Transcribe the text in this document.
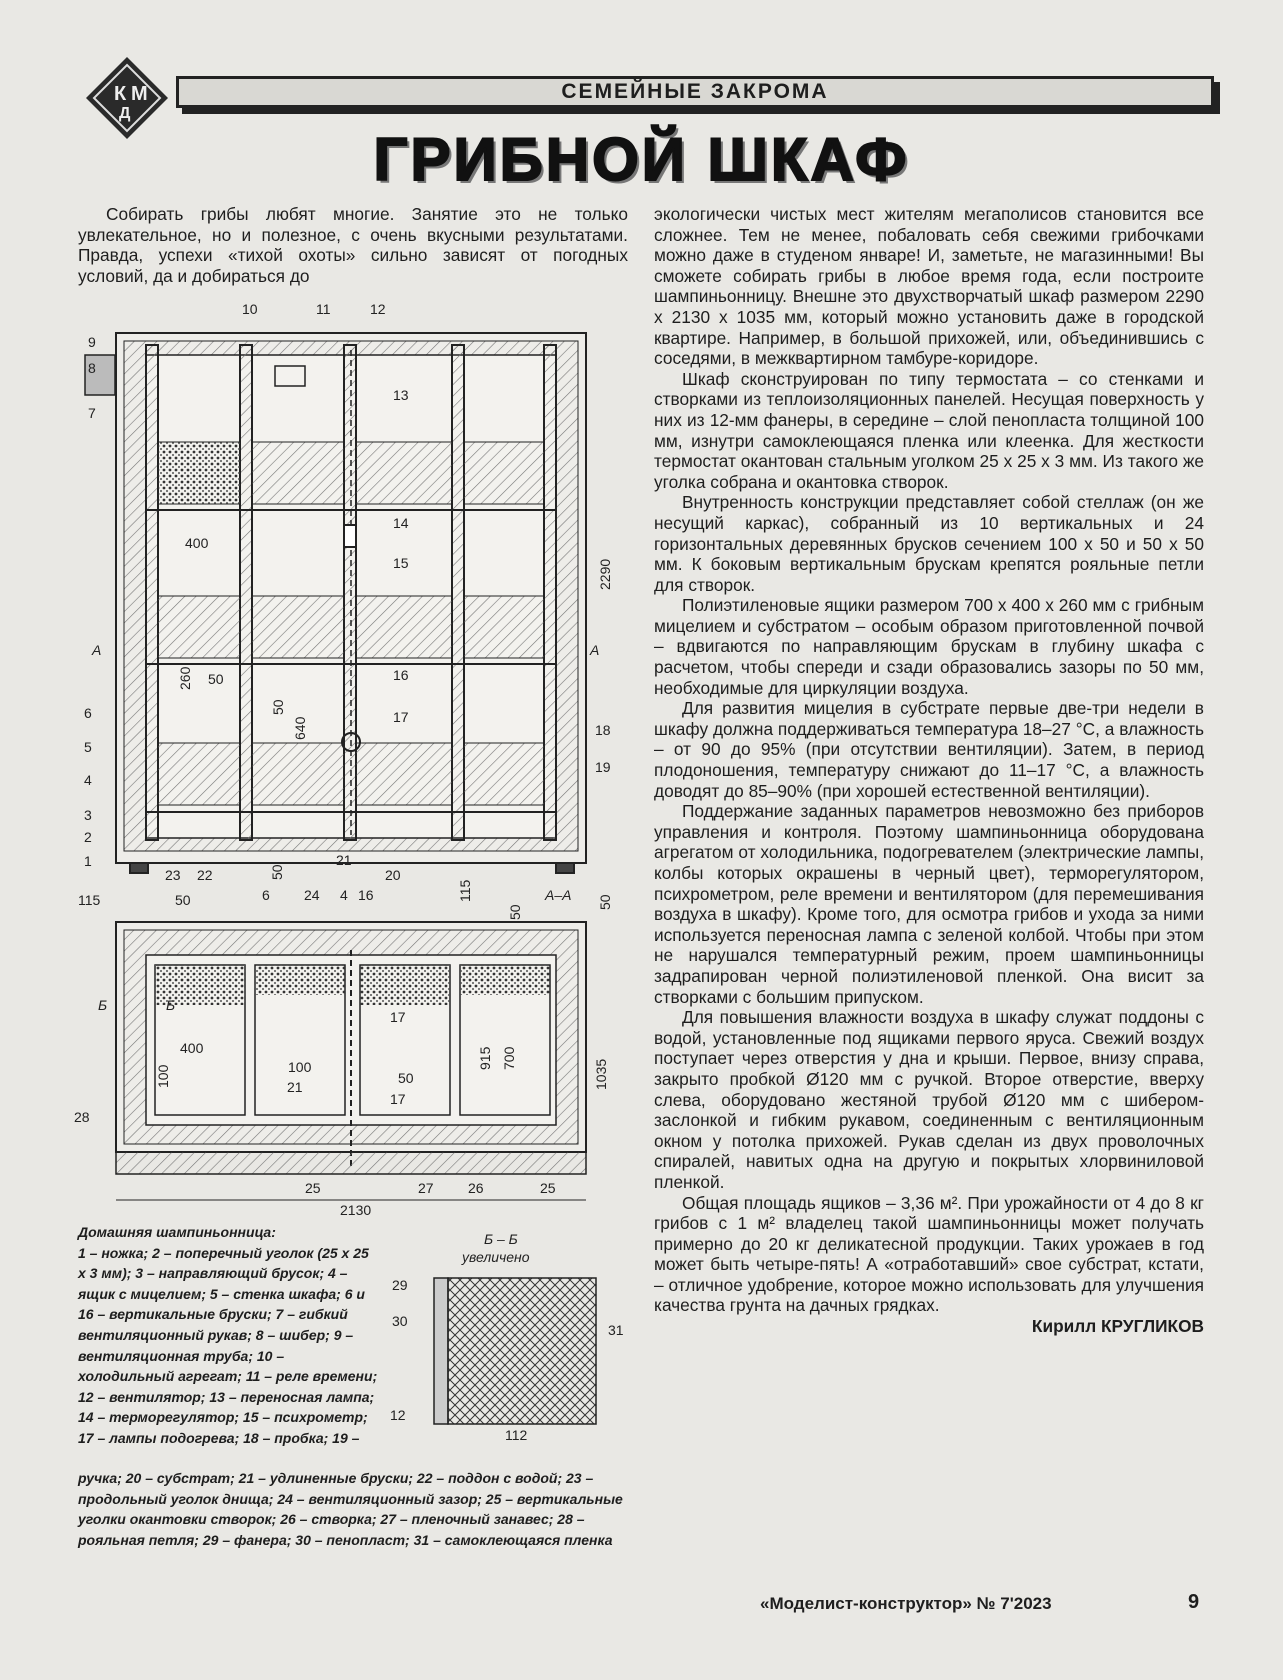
К
Д
М	СЕМЕЙНЫЕ ЗАКРОМА
ГРИБНОЙ ШКАФ

Собирать грибы любят многие. Занятие это не только увлекательное, но и полезное, с очень вкусными результатами. Правда, успехи «тихой охоты» сильно зависят от погодных условий, да и добираться до

экологически чистых мест жителям мегаполисов становится все сложнее. Тем не менее, побаловать себя свежими грибочками можно даже в студеном январе! И, заметьте, не магазинными! Вы сможете собирать грибы в любое время года, если построите шампиньонницу. Внешне это двухстворчатый шкаф размером 2290 x 2130 x 1035 мм, который можно установить даже в городской квартире. Например, в большой прихожей, или, объединившись с соседями, в межквартирном тамбуре-коридоре.

Шкаф сконструирован по типу термостата – со стенками и створками из теплоизоляционных панелей. Несущая поверхность у них из 12-мм фанеры, в середине – слой пенопласта толщиной 100 мм, изнутри самоклеющаяся пленка или клеенка. Для жесткости термостат окантован стальным уголком 25 x 25 x 3 мм. Из такого же уголка собрана и окантовка створок.

Внутренность конструкции представляет собой стеллаж (он же несущий каркас), собранный из 10 вертикальных и 24 горизонтальных деревянных брусков сечением 100 x 50 и 50 x 50 мм. К боковым вертикальным брускам крепятся рояльные петли для створок.

Полиэтиленовые ящики размером 700 x 400 x 260 мм с грибным мицелием и субстратом – особым образом приготовленной почвой – вдвигаются по направляющим брускам в глубину шкафа с расчетом, чтобы спереди и сзади образовались зазоры по 50 мм, необходимые для циркуляции воздуха.

Для развития мицелия в субстрате первые две-три недели в шкафу должна поддерживаться температура 18–27 °С, а влажность – от 90 до 95% (при отсутствии вентиляции). Затем, в период плодоношения, температуру снижают до 11–17 °С, а влажность доводят до 85–90% (при хорошей естественной вентиляции).

Поддержание заданных параметров невозможно без приборов управления и контроля. Поэтому шампиньонница оборудована агрегатом от холодильника, подогревателем (электрические лампы, колбы которых окрашены в черный цвет), терморегулятором, психрометром, реле времени и вентилятором (для перемешивания воздуха в шкафу). Кроме того, для осмотра грибов и ухода за ними используется переносная лампа с зеленой колбой. Чтобы при этом не нарушался температурный режим, проем шампиньонницы задрапирован черной полиэтиленовой пленкой. Она висит за створками с большим припуском.

Для повышения влажности воздуха в шкафу служат поддоны с водой, установленные под ящиками первого яруса. Свежий воздух поступает через отверстия у дна и крыши. Первое, внизу справа, закрыто пробкой Ø120 мм с ручкой. Второе отверстие, вверху слева, оборудовано жестяной трубой Ø120 мм с шибером-заслонкой и гибким рукавом, соединенным с вентиляционным окном у потолка прихожей. Рукав сделан из двух проволочных спиралей, навитых одна на другую и покрытых хлорвиниловой пленкой.

Общая площадь ящиков – 3,36 м². При урожайности от 4 до 8 кг грибов с 1 м² владелец такой шампиньонницы может получать примерно до 20 кг деликатесной продукции. Таких урожаев в год может быть четыре-пять! А «отработавший» свое субстрат, кстати, – отличное удобрение, которое можно использовать для улучшения качества грунта на дачных грядках.

Кирилл КРУГЛИКОВ

9
8
7
10	11	12
13
14
15
16
17
18
19
6
5
4
3
2
1
23 22
21
20
400
260 50
50
640
2290
50
50
А	А
6 24 4 16
17
17
21
28
25	27 26	25
115	50	115
50
400
100	100
50
915 700
1035
2130
А–А
Б	Б
Б – Б
увеличено
29
30
31
12
112
Домашняя шампиньонница:
1 – ножка; 2 – поперечный уголок (25 x 25 x 3 мм); 3 – направляющий брусок; 4 – ящик с мицелием; 5 – стенка шкафа; 6 и 16 – вертикальные бруски; 7 – гибкий вентиляционный рукав; 8 – шибер; 9 – вентиляционная труба; 10 – холодильный агрегат; 11 – реле времени; 12 – вентилятор; 13 – переносная лампа; 14 – терморегулятор; 15 – психрометр; 17 – лампы подогрева; 18 – пробка; 19 –
ручка; 20 – субстрат; 21 – удлиненные бруски; 22 – поддон с водой; 23 – продольный уголок днища; 24 – вентиляционный зазор; 25 – вертикальные уголки окантовки створок; 26 – створка; 27 – пленочный занавес; 28 – рояльная петля; 29 – фанера; 30 – пенопласт; 31 – самоклеющаяся пленка
«Моделист-конструктор» № 7'2023	9
